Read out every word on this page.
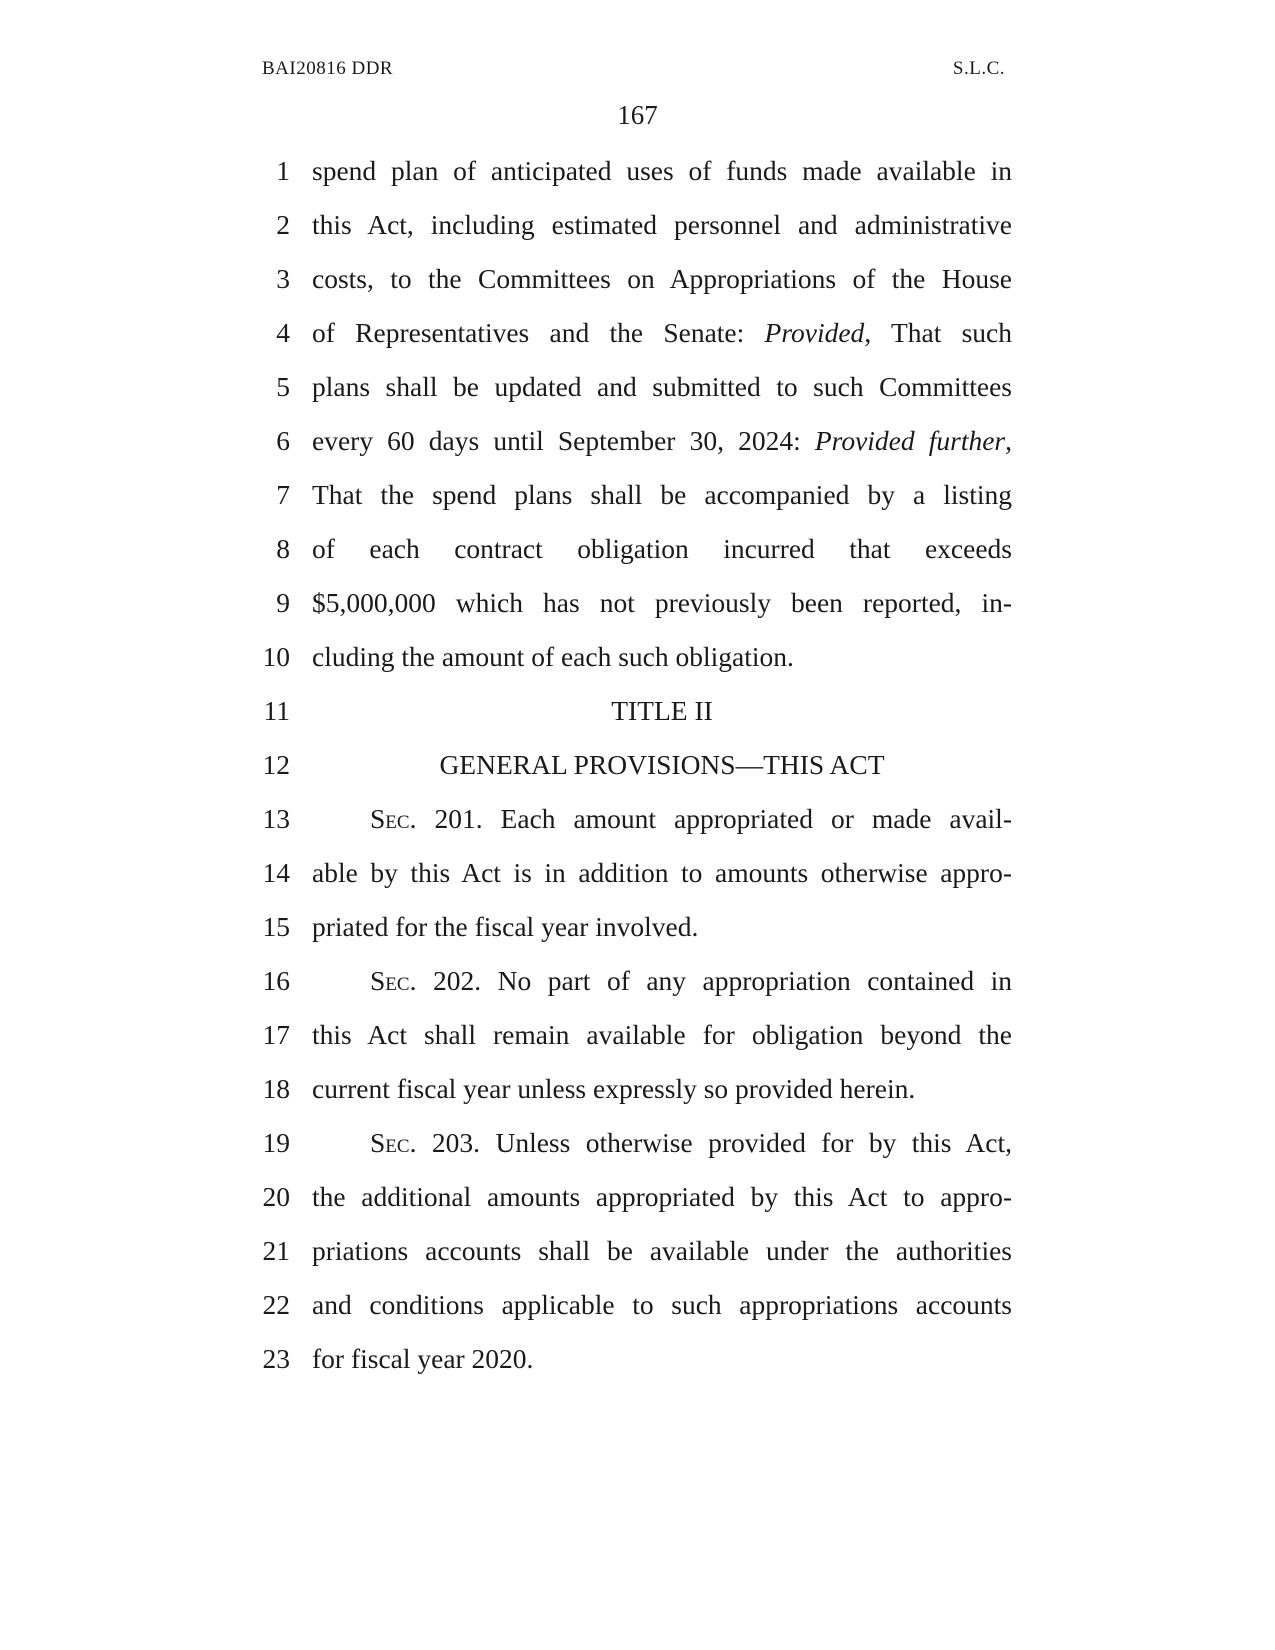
BAI20816 DDR	S.L.C.
167
1 spend plan of anticipated uses of funds made available in
2 this Act, including estimated personnel and administrative
3 costs, to the Committees on Appropriations of the House
4 of Representatives and the Senate: Provided, That such
5 plans shall be updated and submitted to such Committees
6 every 60 days until September 30, 2024: Provided further,
7 That the spend plans shall be accompanied by a listing
8 of each contract obligation incurred that exceeds
9 $5,000,000 which has not previously been reported, in-
10 cluding the amount of each such obligation.
11	TITLE II
12	GENERAL PROVISIONS—THIS ACT
13	Sec. 201. Each amount appropriated or made avail-
14 able by this Act is in addition to amounts otherwise appro-
15 priated for the fiscal year involved.
16	Sec. 202. No part of any appropriation contained in
17 this Act shall remain available for obligation beyond the
18 current fiscal year unless expressly so provided herein.
19	Sec. 203. Unless otherwise provided for by this Act,
20 the additional amounts appropriated by this Act to appro-
21 priations accounts shall be available under the authorities
22 and conditions applicable to such appropriations accounts
23 for fiscal year 2020.
